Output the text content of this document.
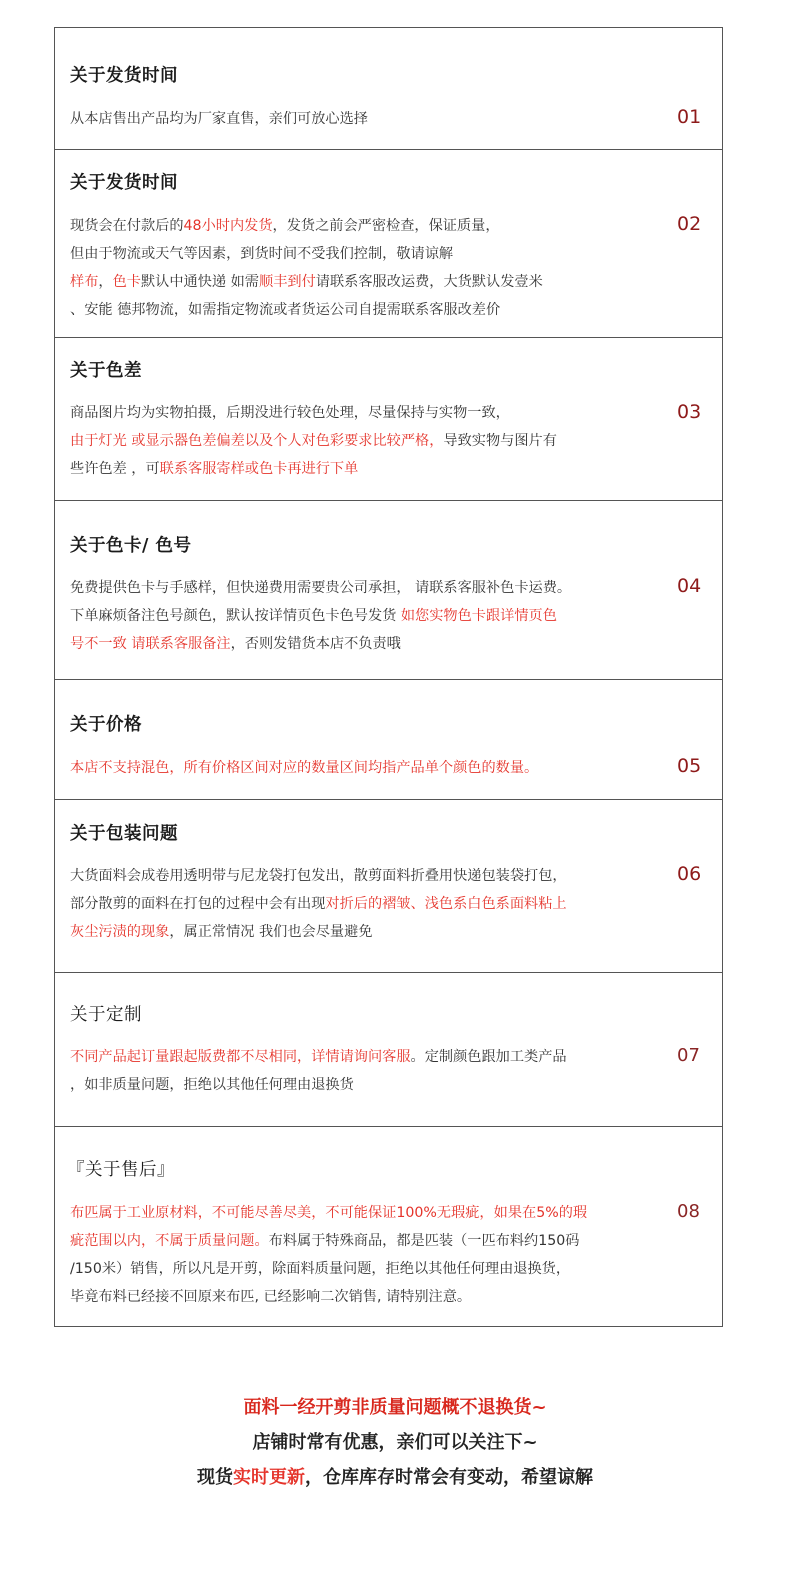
关于发货时间
从本店售出产品均为厂家直售，亲们可放心选择	01
关于发货时间
现货会在付款后的48小时内发货，发货之前会严密检查，保证质量，
但由于物流或天气等因素，到货时间不受我们控制，敬请谅解
样布，色卡默认中通快递 如需顺丰到付请联系客服改运费，大货默认发壹米
、安能 德邦物流，如需指定物流或者货运公司自提需联系客服改差价
02
关于色差
商品图片均为实物拍摄，后期没进行较色处理，尽量保持与实物一致，
由于灯光 或显示器色差偏差以及个人对色彩要求比较严格，导致实物与图片有
些许色差 ，可联系客服寄样或色卡再进行下单
03
关于色卡/ 色号
免费提供色卡与手感样，但快递费用需要贵公司承担， 请联系客服补色卡运费。
下单麻烦备注色号颜色，默认按详情页色卡色号发货 如您实物色卡跟详情页色
号不一致 请联系客服备注，否则发错货本店不负责哦
04
关于价格
本店不支持混色，所有价格区间对应的数量区间均指产品单个颜色的数量。	05
关于包装问题
大货面料会成卷用透明带与尼龙袋打包发出，散剪面料折叠用快递包装袋打包，
部分散剪的面料在打包的过程中会有出现对折后的褶皱、浅色系白色系面料粘上
灰尘污渍的现象，属正常情况 我们也会尽量避免
06
关于定制
不同产品起订量跟起版费都不尽相同，详情请询问客服。定制颜色跟加工类产品
，如非质量问题，拒绝以其他任何理由退换货
07
『关于售后』
布匹属于工业原材料，不可能尽善尽美，不可能保证100%无瑕疵，如果在5%的瑕
疵范围以内，不属于质量问题。布料属于特殊商品，都是匹装（一匹布料约150码
/150米）销售，所以凡是开剪，除面料质量问题，拒绝以其他任何理由退换货，
毕竟布料已经接不回原来布匹, 已经影响二次销售, 请特别注意。
08
面料一经开剪非质量问题概不退换货~
店铺时常有优惠，亲们可以关注下~
现货实时更新，仓库库存时常会有变动，希望谅解
